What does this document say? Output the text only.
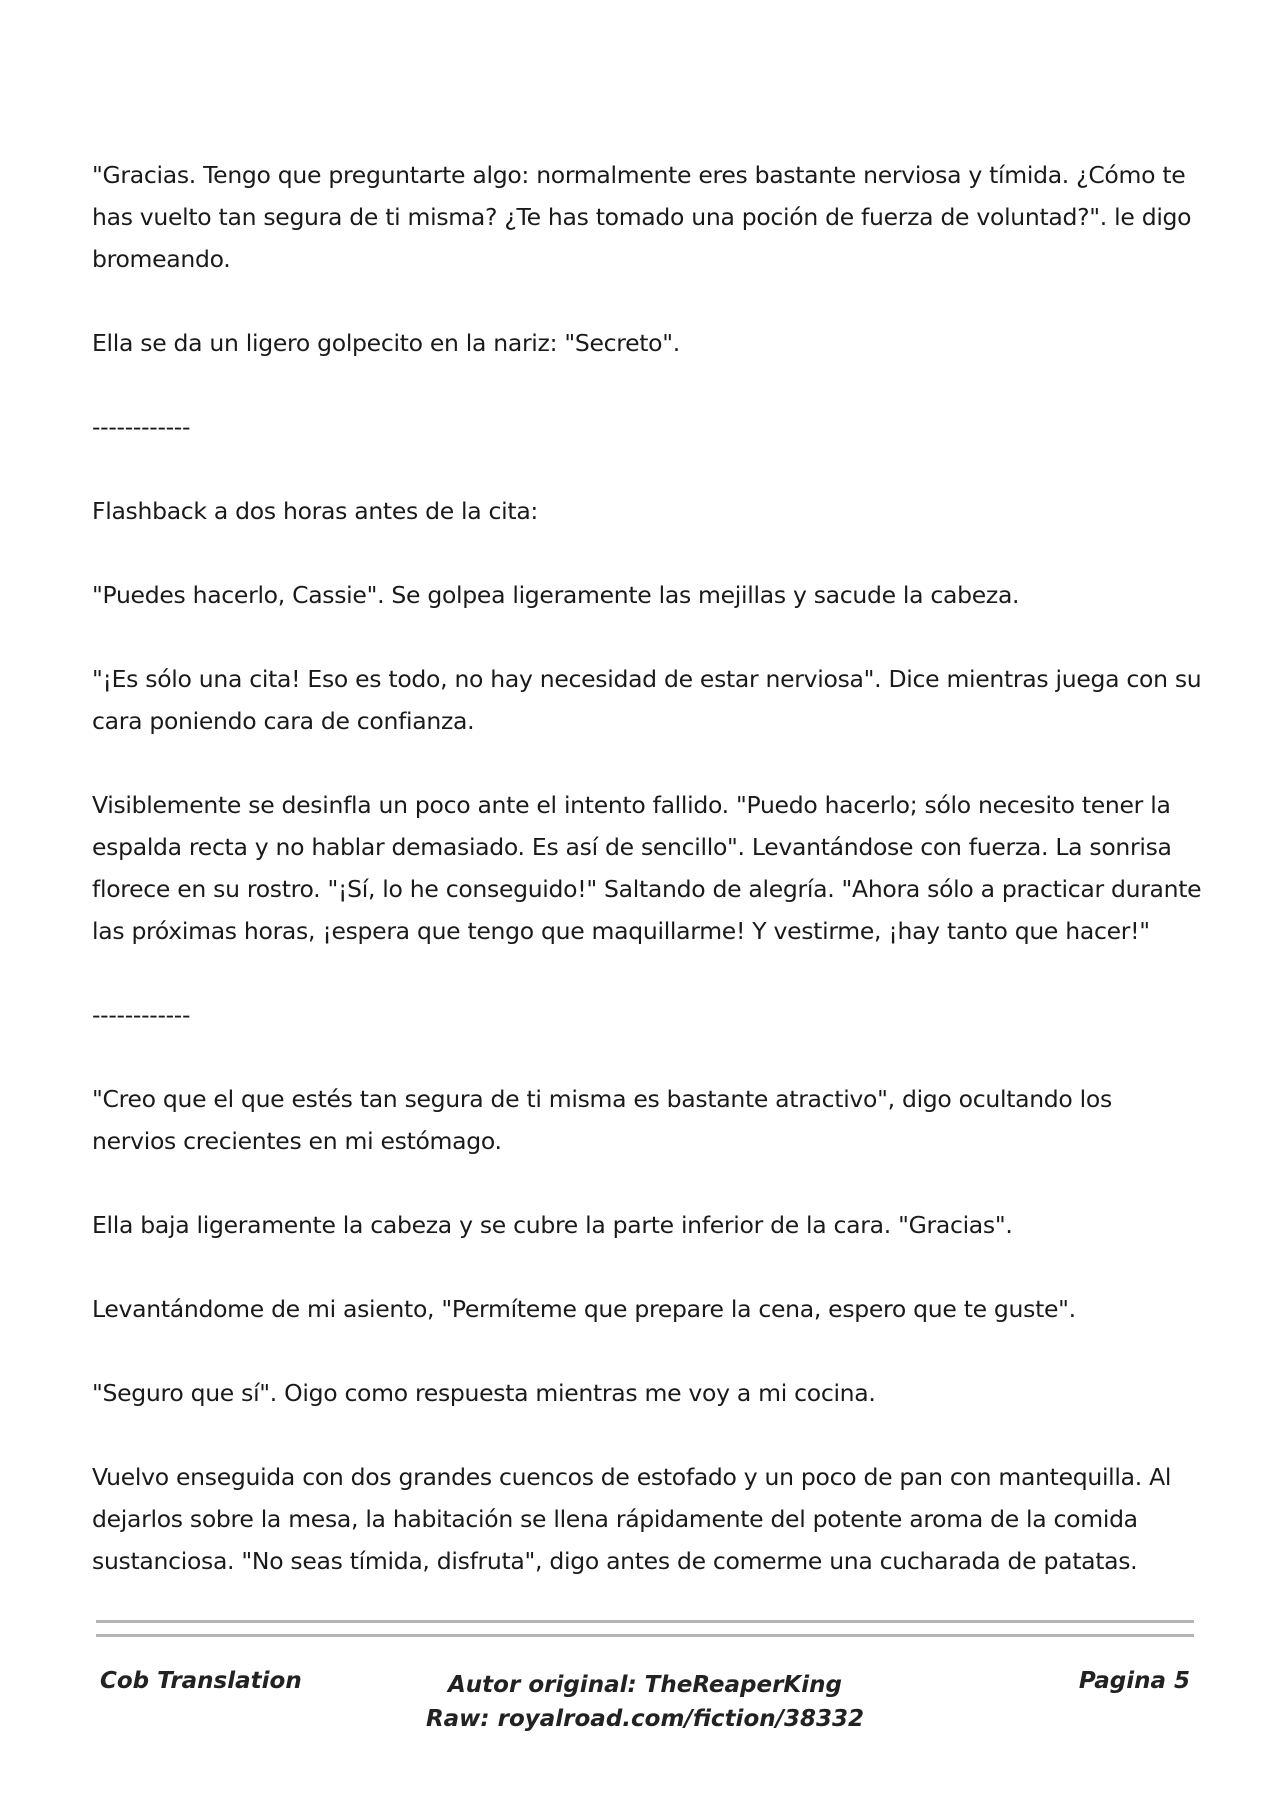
"Gracias. Tengo que preguntarte algo: normalmente eres bastante nerviosa y tímida. ¿Cómo te has vuelto tan segura de ti misma? ¿Te has tomado una poción de fuerza de voluntad?". le digo bromeando.

Ella se da un ligero golpecito en la nariz: "Secreto".

------------

Flashback a dos horas antes de la cita:

"Puedes hacerlo, Cassie". Se golpea ligeramente las mejillas y sacude la cabeza.

"¡Es sólo una cita! Eso es todo, no hay necesidad de estar nerviosa". Dice mientras juega con su cara poniendo cara de confianza.

Visiblemente se desinfla un poco ante el intento fallido. "Puedo hacerlo; sólo necesito tener la espalda recta y no hablar demasiado. Es así de sencillo". Levantándose con fuerza. La sonrisa florece en su rostro. "¡Sí, lo he conseguido!" Saltando de alegría. "Ahora sólo a practicar durante las próximas horas, ¡espera que tengo que maquillarme! Y vestirme, ¡hay tanto que hacer!"

------------

"Creo que el que estés tan segura de ti misma es bastante atractivo", digo ocultando los nervios crecientes en mi estómago.

Ella baja ligeramente la cabeza y se cubre la parte inferior de la cara. "Gracias".

Levantándome de mi asiento, "Permíteme que prepare la cena, espero que te guste".

"Seguro que sí". Oigo como respuesta mientras me voy a mi cocina.

Vuelvo enseguida con dos grandes cuencos de estofado y un poco de pan con mantequilla. Al dejarlos sobre la mesa, la habitación se llena rápidamente del potente aroma de la comida sustanciosa. "No seas tímida, disfruta", digo antes de comerme una cucharada de patatas.

Cob Translation	Autor original: TheReaperKing
Raw: royalroad.com/fiction/38332
Pagina 5
